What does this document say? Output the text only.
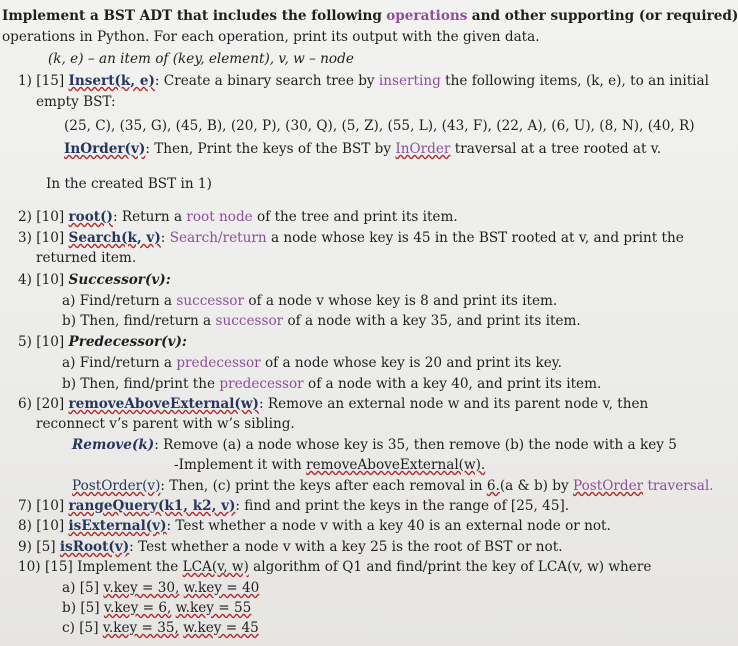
Implement a BST ADT that includes the following operations and other supporting (or required)
operations in Python. For each operation, print its output with the given data.
(k, e) – an item of (key, element), v, w – node
1) [15] Insert(k, e): Create a binary search tree by inserting the following items, (k, e), to an initial
empty BST:
(25, C), (35, G), (45, B), (20, P), (30, Q), (5, Z), (55, L), (43, F), (22, A), (6, U), (8, N), (40, R)
InOrder(v): Then, Print the keys of the BST by InOrder traversal at a tree rooted at v.
In the created BST in 1)
2) [10] root(): Return a root node of the tree and print its item.
3) [10] Search(k, v): Search/return a node whose key is 45 in the BST rooted at v, and print the
returned item.
4) [10] Successor(v):
a) Find/return a successor of a node v whose key is 8 and print its item.
b) Then, find/return a successor of a node with a key 35, and print its item.
5) [10] Predecessor(v):
a) Find/return a predecessor of a node whose key is 20 and print its key.
b) Then, find/print the predecessor of a node with a key 40, and print its item.
6) [20] removeAboveExternal(w): Remove an external node w and its parent node v, then
reconnect v’s parent with w’s sibling.
Remove(k): Remove (a) a node whose key is 35, then remove (b) the node with a key 5
-Implement it with removeAboveExternal(w).
PostOrder(v): Then, (c) print the keys after each removal in 6.(a & b) by PostOrder traversal.
7) [10] rangeQuery(k1, k2, v): find and print the keys in the range of [25, 45].
8) [10] isExternal(v): Test whether a node v with a key 40 is an external node or not.
9) [5] isRoot(v): Test whether a node v with a key 25 is the root of BST or not.
10) [15] Implement the LCA(v, w) algorithm of Q1 and find/print the key of LCA(v, w) where
a) [5] v.key = 30, w.key = 40
b) [5] v.key = 6, w.key = 55
c) [5] v.key = 35, w.key = 45
